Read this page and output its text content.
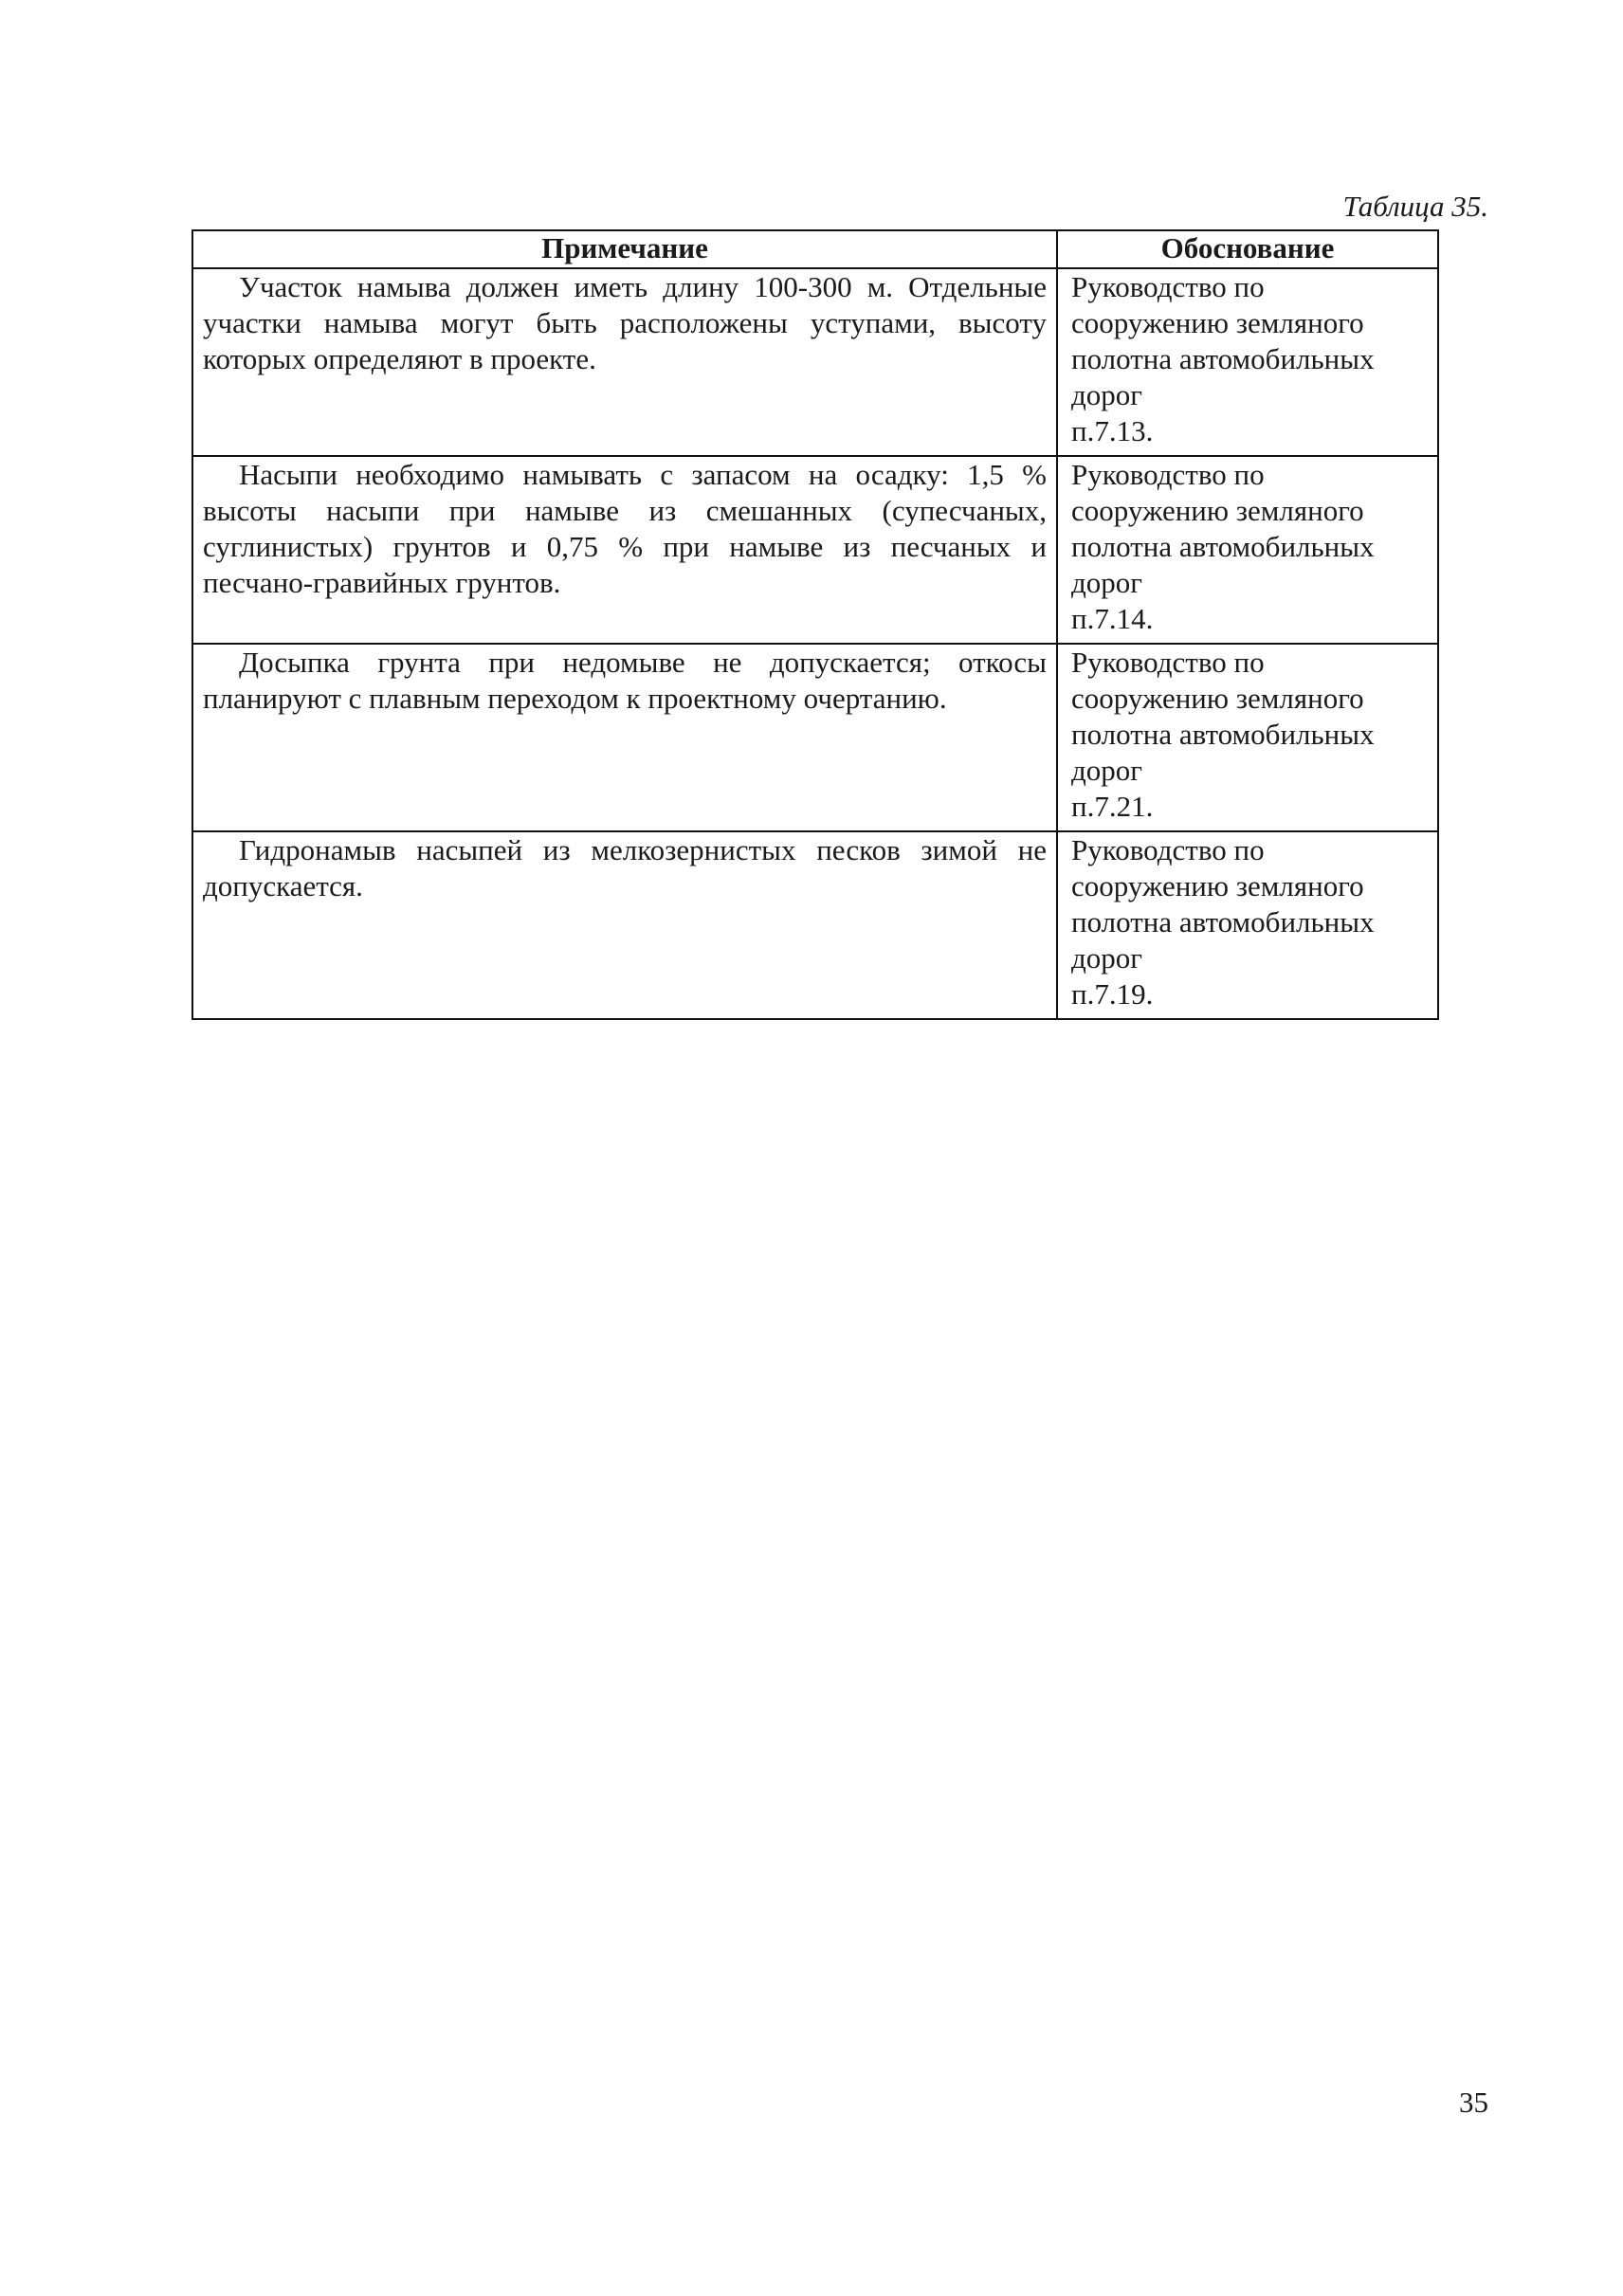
Таблица 35.
Примечание	Обоснование

Участок намыва должен иметь длину 100-300 м. Отдельные участки намыва могут быть расположены уступами, высоту которых определяют в проекте.	Руководство по
сооружению земляного
полотна автомобильных
дорог
п.7.13.

Насыпи необходимо намывать с запасом на осадку: 1,5 % высоты насыпи при намыве из смешанных (супесчаных, суглинистых) грунтов и 0,75 % при намыве из песчаных и песчано-гравийных грунтов.	Руководство по
сооружению земляного
полотна автомобильных
дорог
п.7.14.

Досыпка грунта при недомыве не допускается; откосы планируют с плавным переходом к проектному очертанию.	Руководство по
сооружению земляного
полотна автомобильных
дорог
п.7.21.

Гидронамыв насыпей из мелкозернистых песков зимой не допускается.	Руководство по
сооружению земляного
полотна автомобильных
дорог
п.7.19.
35
